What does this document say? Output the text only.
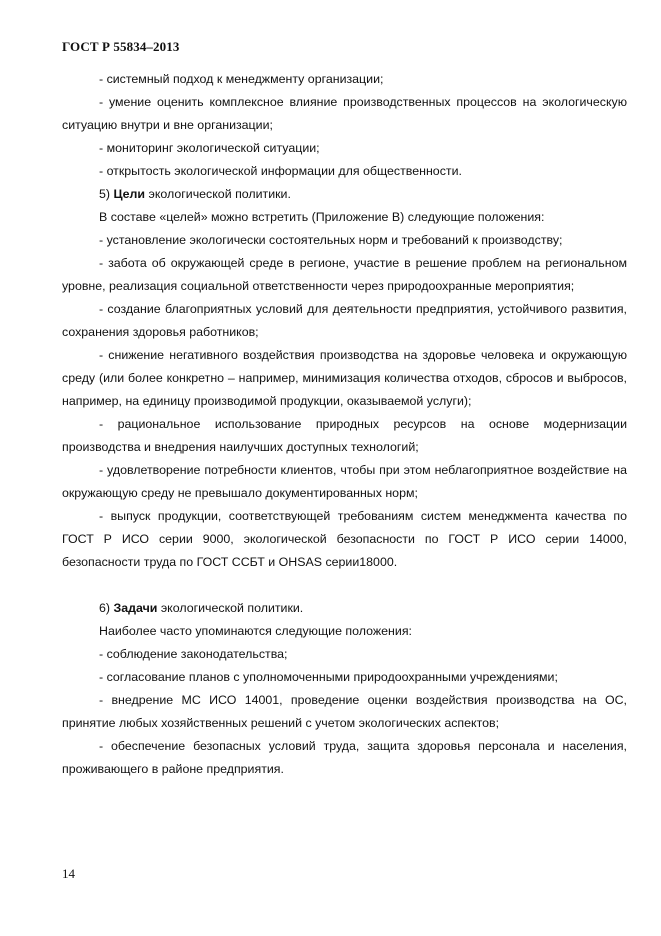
ГОСТ Р 55834–2013

- системный подход к менеджменту организации;

- умение оценить комплексное влияние производственных процессов на экологическую ситуацию внутри и вне организации;

- мониторинг экологической ситуации;

- открытость экологической информации для общественности.

5) Цели экологической политики.

В составе «целей» можно встретить (Приложение В) следующие положения:

- установление экологически состоятельных норм и требований к производству;

- забота об окружающей среде в регионе, участие в решение проблем на региональном уровне, реализация социальной ответственности через природоохранные мероприятия;

- создание благоприятных условий для деятельности предприятия, устойчивого развития, сохранения здоровья работников;

- снижение негативного воздействия производства на здоровье человека и окружающую среду (или более конкретно – например, минимизация количества отходов, сбросов и выбросов, например, на единицу производимой продукции, оказываемой услуги);

- рациональное использование природных ресурсов на основе модернизации производства и внедрения наилучших доступных технологий;

- удовлетворение потребности клиентов, чтобы при этом неблагоприятное воздействие на окружающую среду не превышало документированных норм;

- выпуск продукции, соответствующей требованиям систем менеджмента качества по ГОСТ Р ИСО серии 9000, экологической безопасности по ГОСТ Р ИСО серии 14000, безопасности труда по ГОСТ ССБТ и OHSAS серии18000.

6) Задачи экологической политики.

Наиболее часто упоминаются следующие положения:

- соблюдение законодательства;

- согласование планов с уполномоченными природоохранными учреждениями;

- внедрение МС ИСО 14001, проведение оценки воздействия производства на ОС, принятие любых хозяйственных решений с учетом экологических аспектов;

- обеспечение безопасных условий труда, защита здоровья персонала и населения, проживающего в районе предприятия.

14
